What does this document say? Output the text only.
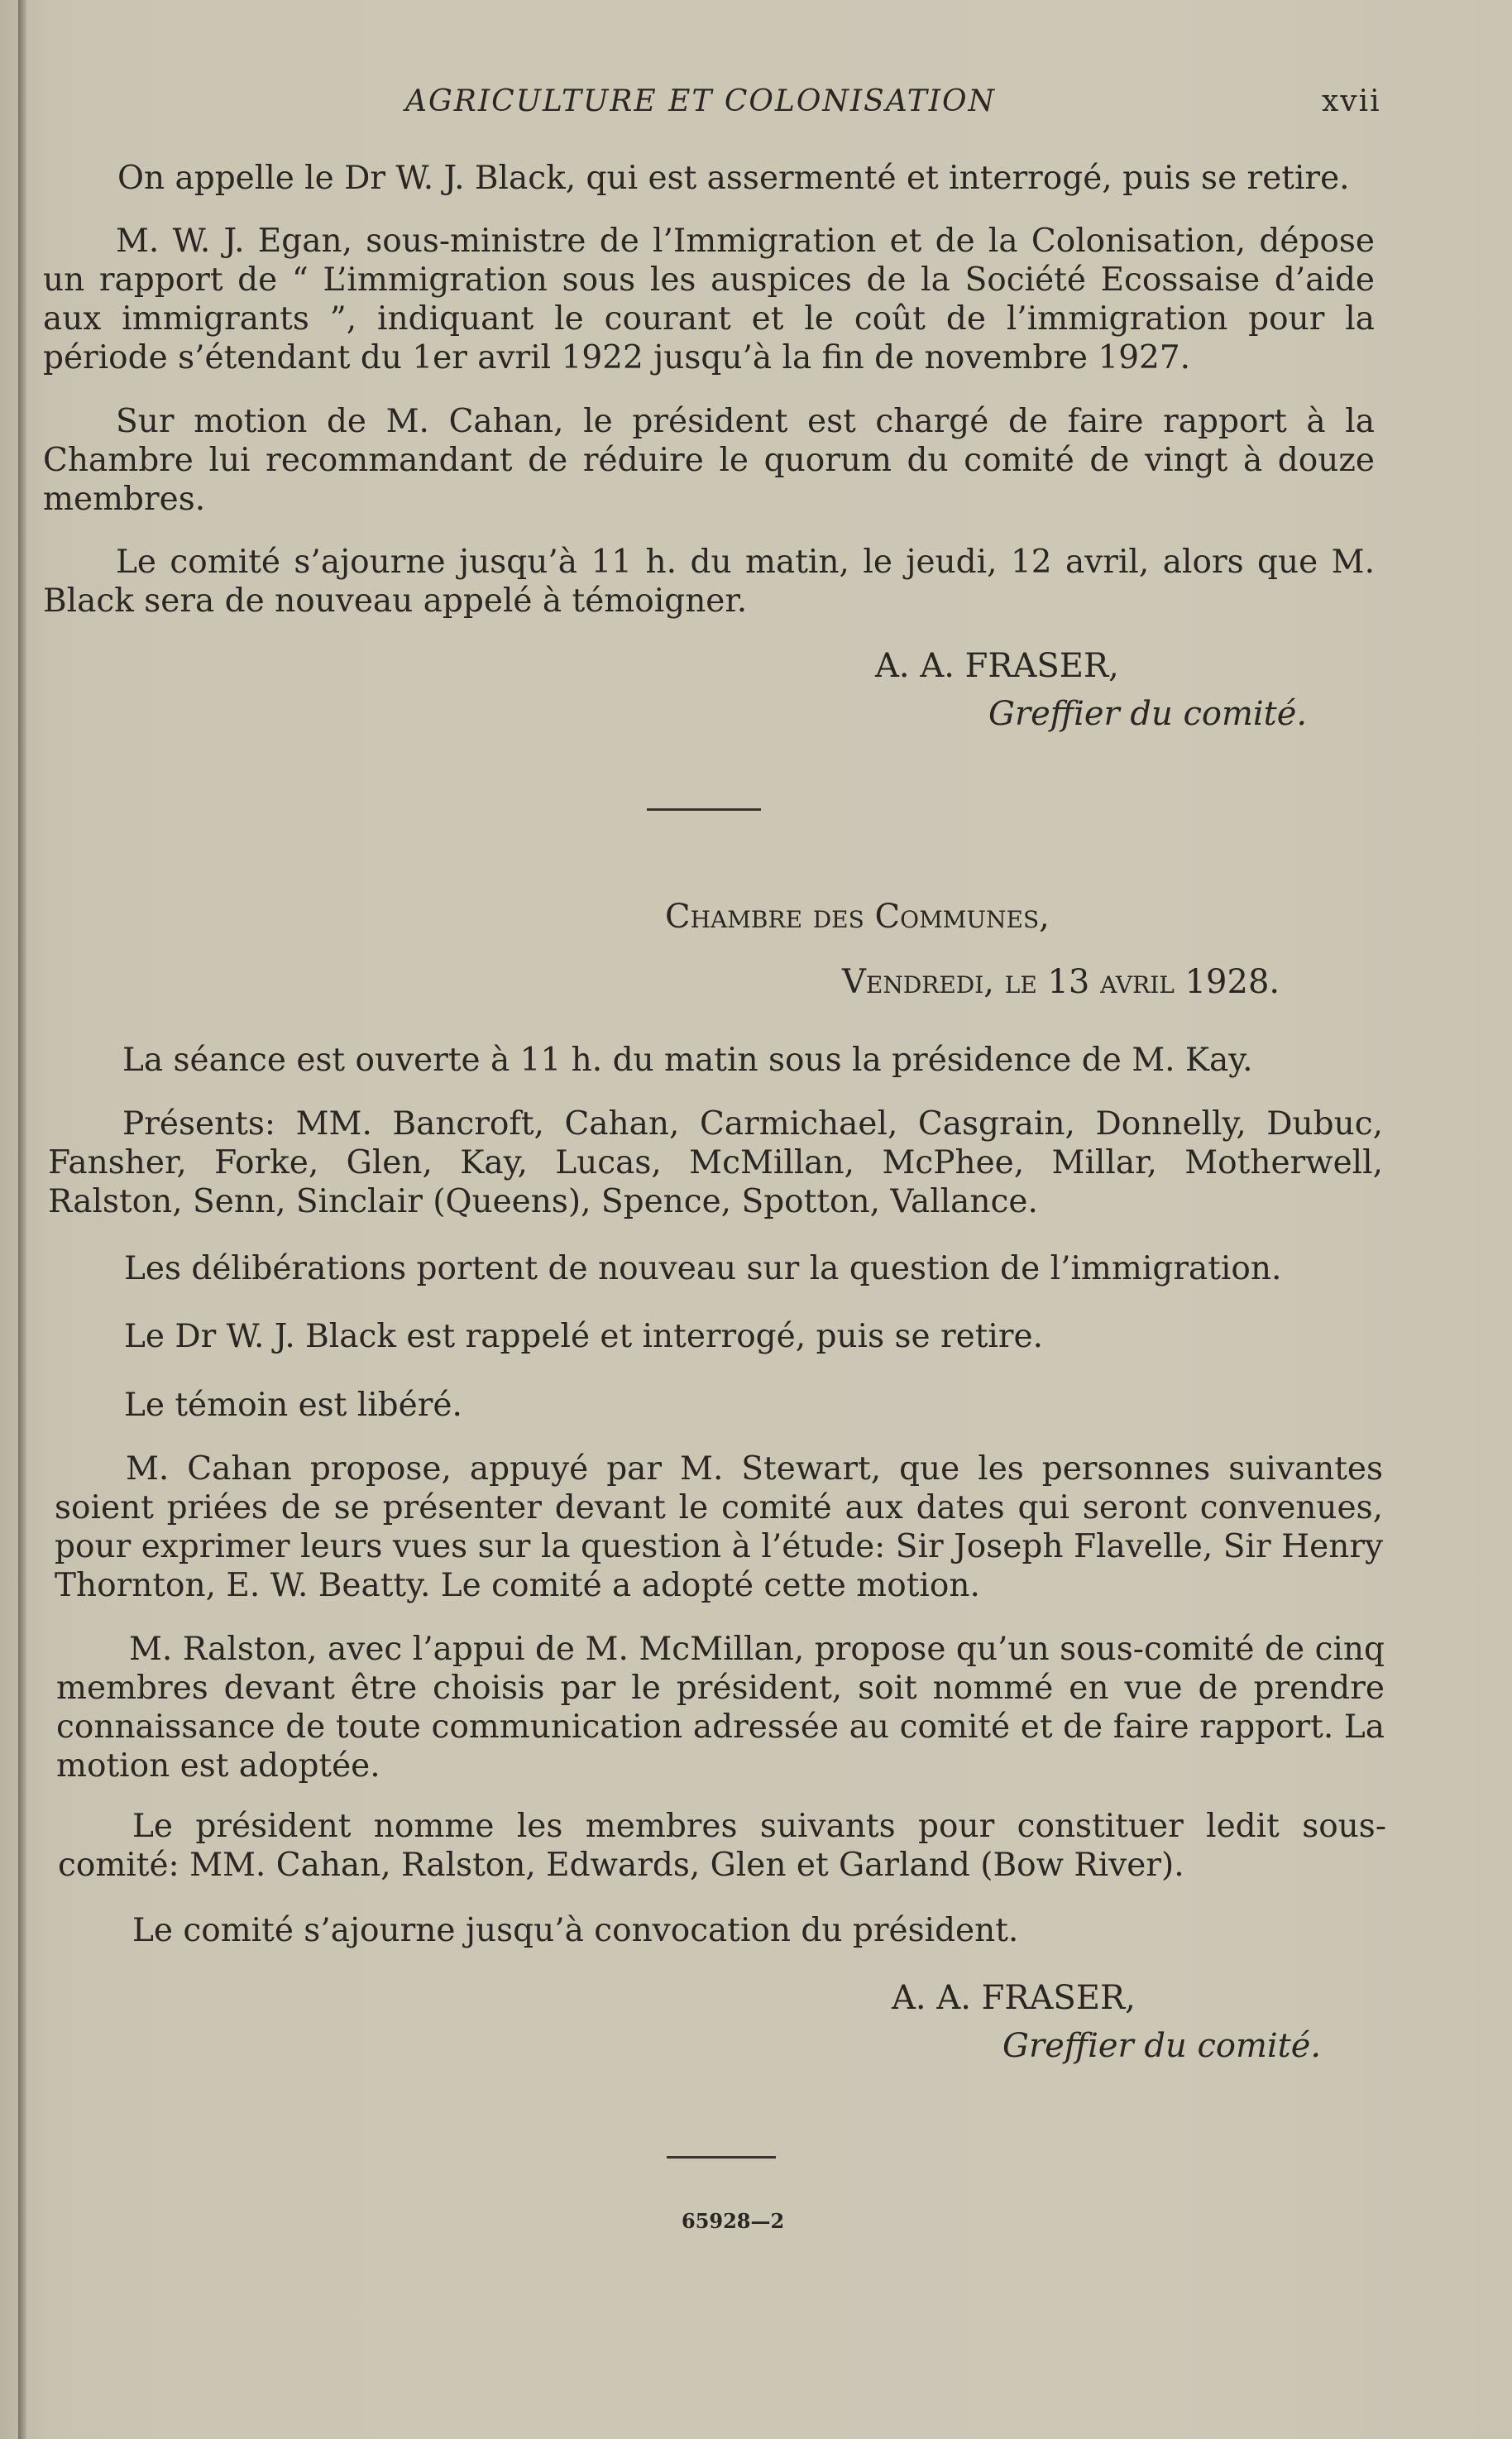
AGRICULTURE ET COLONISATION	xvii

On appelle le Dr W. J. Black, qui est assermenté et interrogé, puis se retire.

M. W. J. Egan, sous-ministre de l’Immigration et de la Colonisation, dépose un rapport de “ L’immigration sous les auspices de la Société Ecossaise d’aide aux immigrants ”, indiquant le courant et le coût de l’immigration pour la période s’étendant du 1er avril 1922 jusqu’à la fin de novembre 1927.

Sur motion de M. Cahan, le président est chargé de faire rapport à la Chambre lui recommandant de réduire le quorum du comité de vingt à douze membres.

Le comité s’ajourne jusqu’à 11 h. du matin, le jeudi, 12 avril, alors que M. Black sera de nouveau appelé à témoigner.

A. A. FRASER,
Greffier du comité.
Chambre des Communes,
Vendredi, le 13 avril 1928.

La séance est ouverte à 11 h. du matin sous la présidence de M. Kay.

Présents: MM. Bancroft, Cahan, Carmichael, Casgrain, Donnelly, Dubuc, Fansher, Forke, Glen, Kay, Lucas, McMillan, McPhee, Millar, Motherwell, Ralston, Senn, Sinclair (Queens), Spence, Spotton, Vallance.

Les délibérations portent de nouveau sur la question de l’immigration.

Le Dr W. J. Black est rappelé et interrogé, puis se retire.

Le témoin est libéré.

M. Cahan propose, appuyé par M. Stewart, que les personnes suivantes soient priées de se présenter devant le comité aux dates qui seront convenues, pour exprimer leurs vues sur la question à l’étude: Sir Joseph Flavelle, Sir Henry Thornton, E. W. Beatty. Le comité a adopté cette motion.

M. Ralston, avec l’appui de M. McMillan, propose qu’un sous-comité de cinq membres devant être choisis par le président, soit nommé en vue de prendre connaissance de toute communication adressée au comité et de faire rapport. La motion est adoptée.

Le président nomme les membres suivants pour constituer ledit sous-comité: MM. Cahan, Ralston, Edwards, Glen et Garland (Bow River).

Le comité s’ajourne jusqu’à convocation du président.

A. A. FRASER,
Greffier du comité.
65928—2
